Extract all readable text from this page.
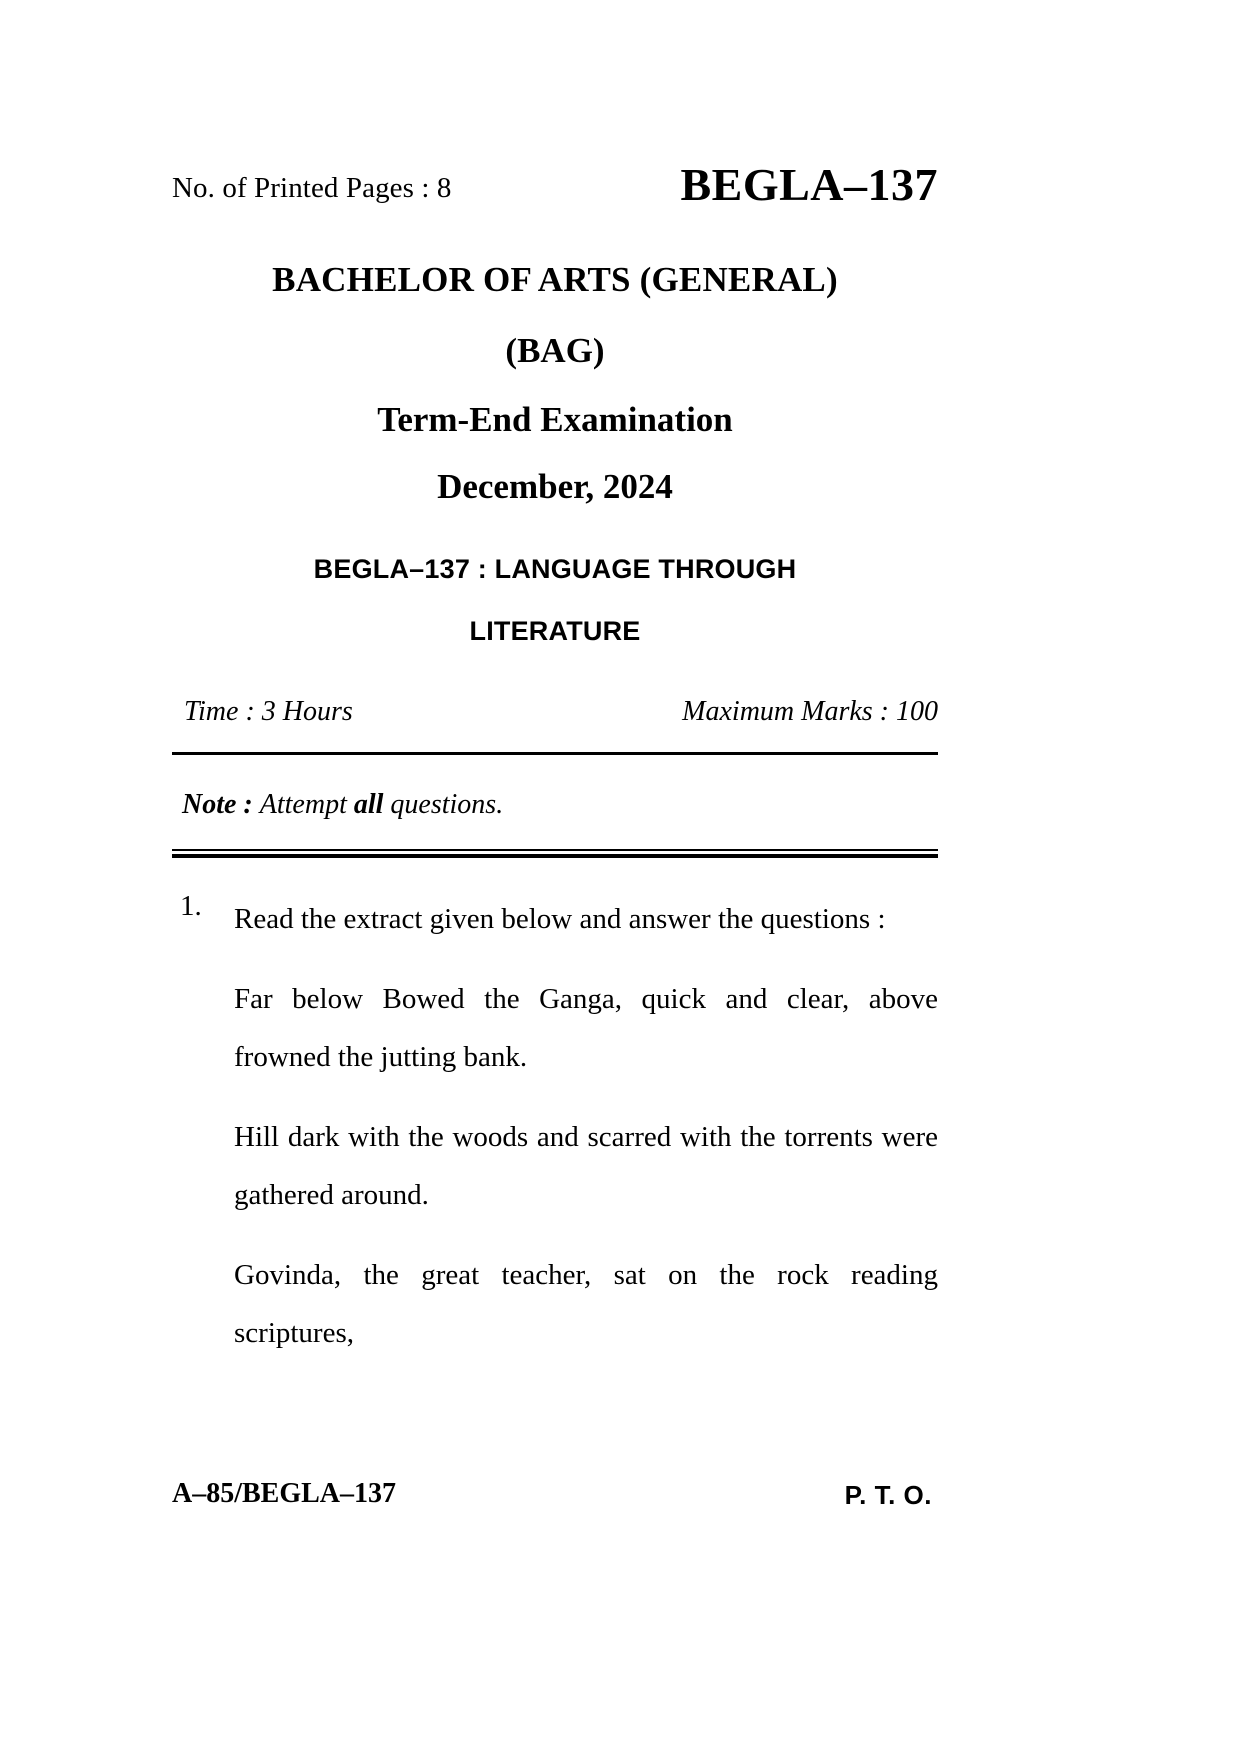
No. of Printed Pages : 8	BEGLA–137
BACHELOR OF ARTS (GENERAL)
(BAG)
Term-End Examination
December, 2024
BEGLA–137 : LANGUAGE THROUGH
LITERATURE
Time : 3 Hours	Maximum Marks : 100
Note : Attempt all questions.
1. Read the extract given below and answer the questions :
Far below Bowed the Ganga, quick and clear, above frowned the jutting bank.
Hill dark with the woods and scarred with the torrents were gathered around.
Govinda, the great teacher, sat on the rock reading scriptures,
A–85/BEGLA–137	P. T. O.
